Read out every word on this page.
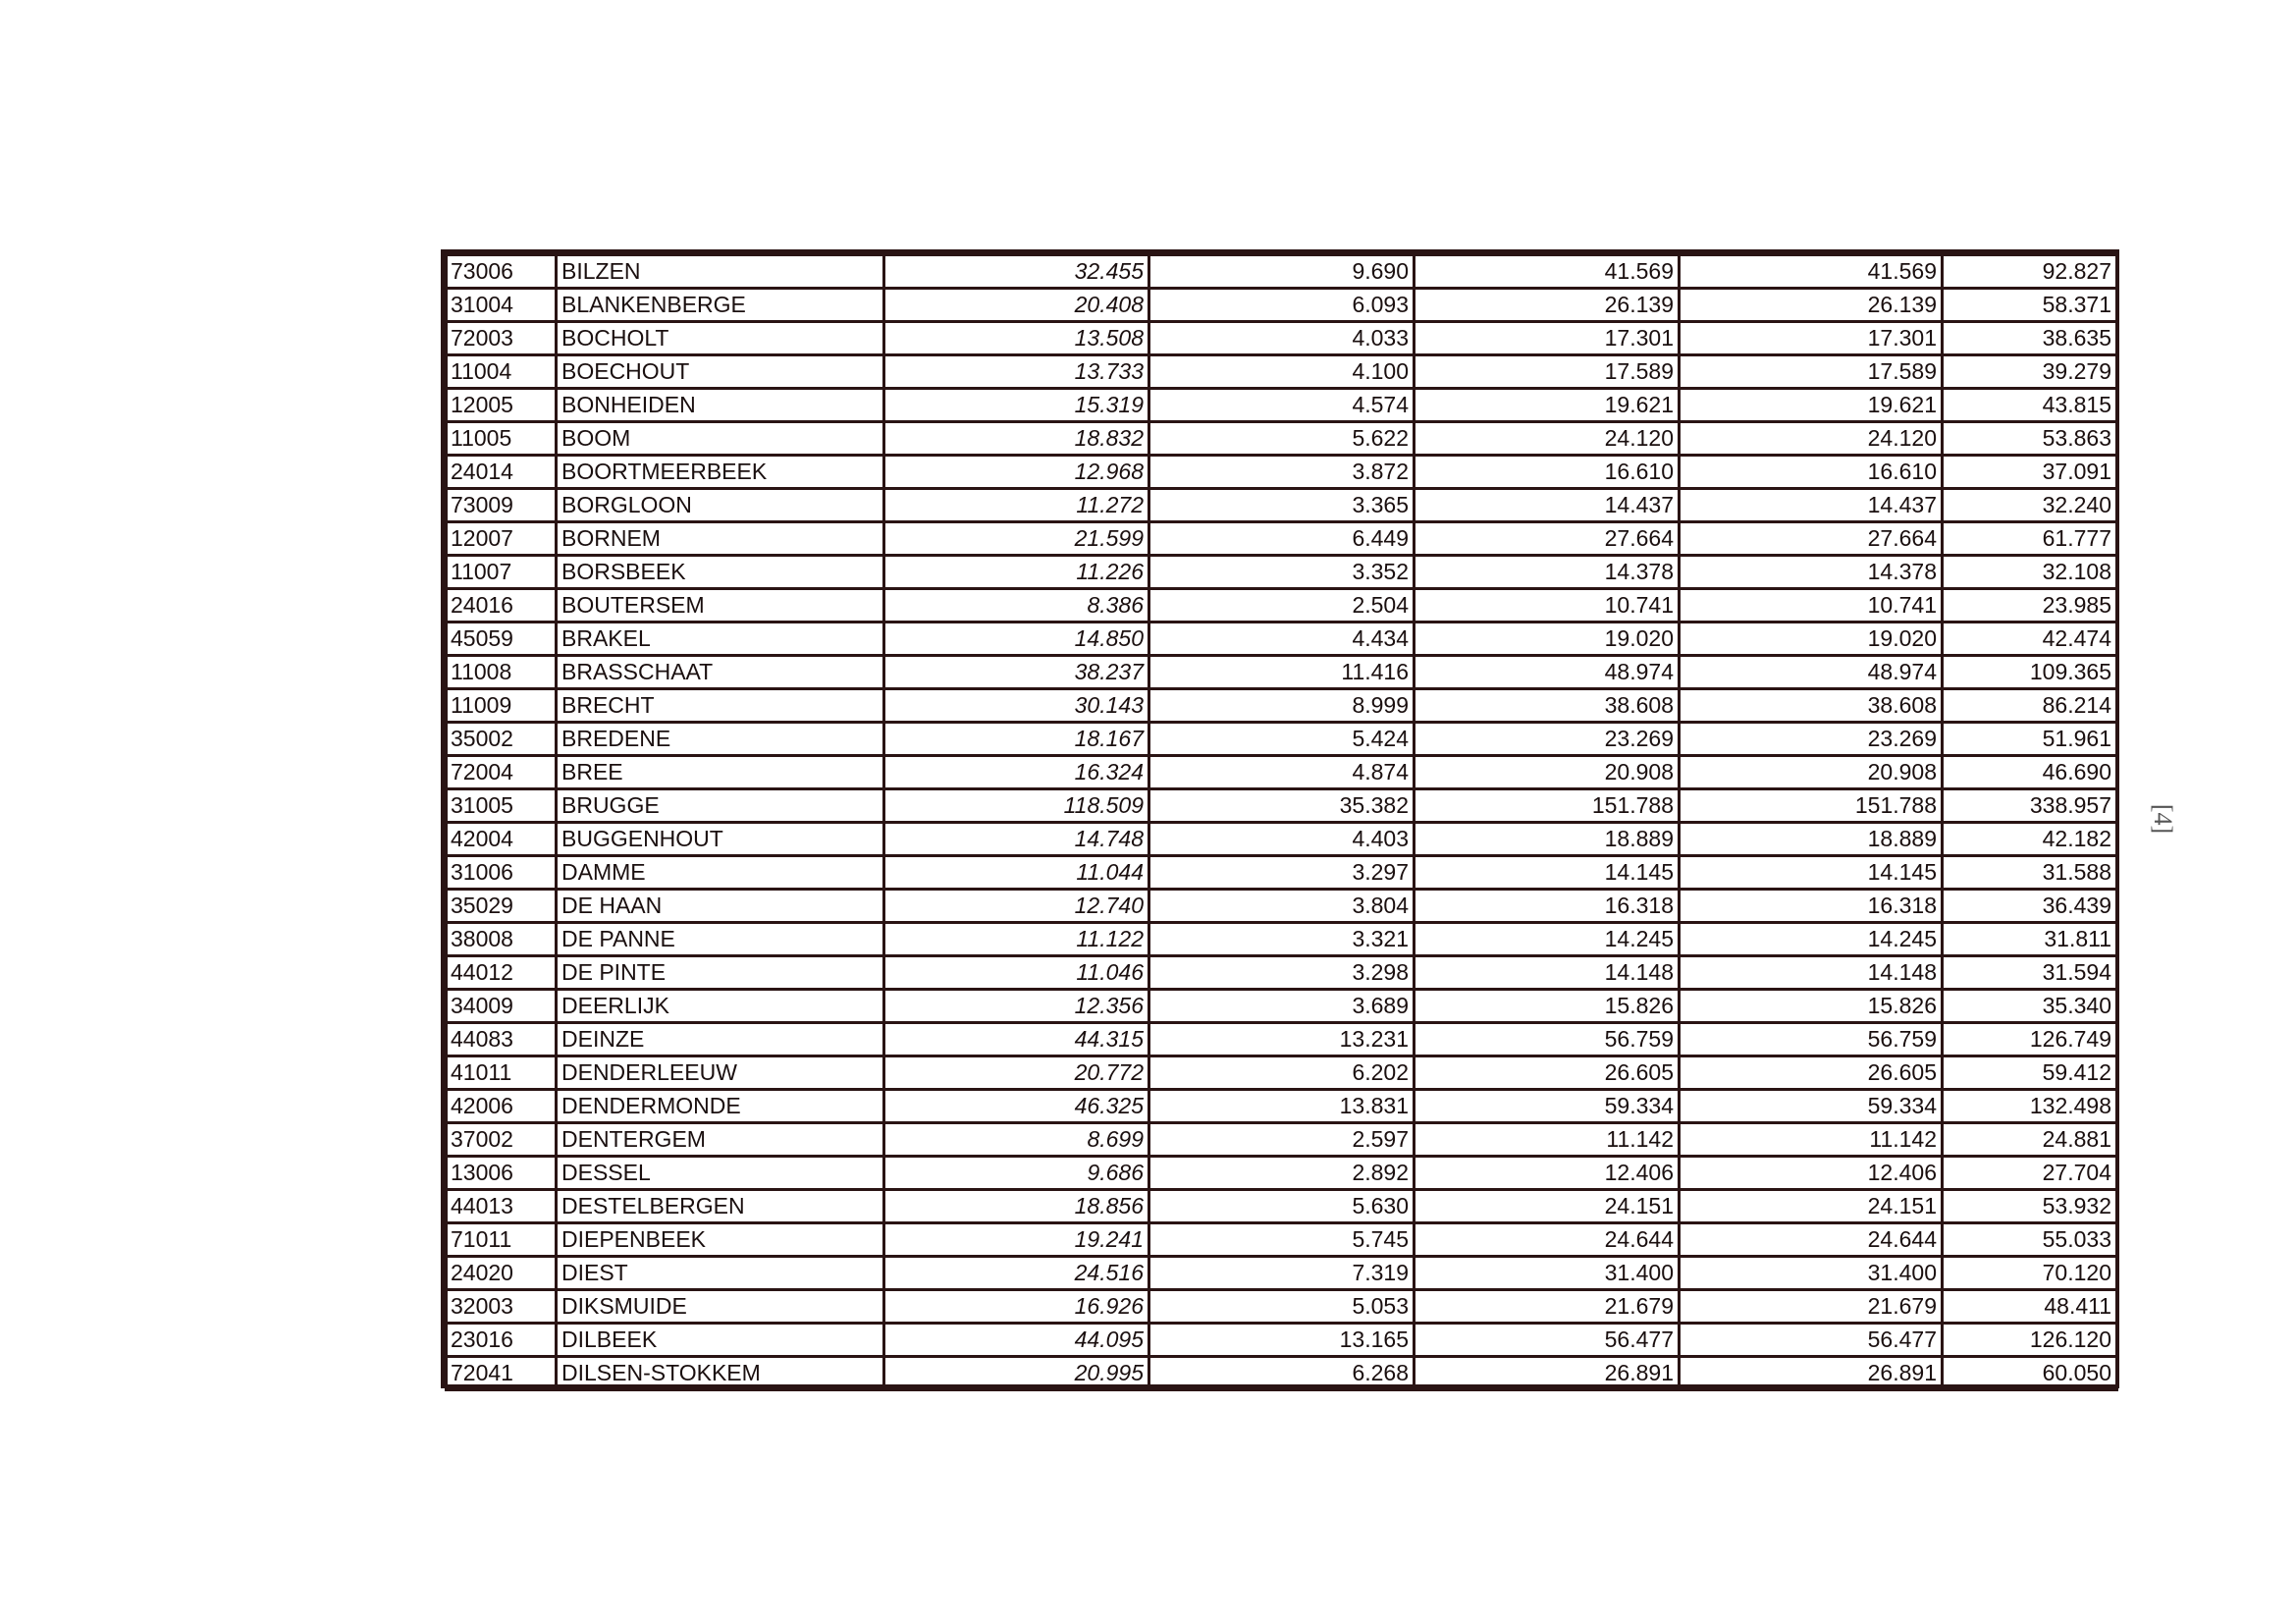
73006	BILZEN	32.455	9.690	41.569	41.569	92.827
31004	BLANKENBERGE	20.408	6.093	26.139	26.139	58.371
72003	BOCHOLT	13.508	4.033	17.301	17.301	38.635
11004	BOECHOUT	13.733	4.100	17.589	17.589	39.279
12005	BONHEIDEN	15.319	4.574	19.621	19.621	43.815
11005	BOOM	18.832	5.622	24.120	24.120	53.863
24014	BOORTMEERBEEK	12.968	3.872	16.610	16.610	37.091
73009	BORGLOON	11.272	3.365	14.437	14.437	32.240
12007	BORNEM	21.599	6.449	27.664	27.664	61.777
11007	BORSBEEK	11.226	3.352	14.378	14.378	32.108
24016	BOUTERSEM	8.386	2.504	10.741	10.741	23.985
45059	BRAKEL	14.850	4.434	19.020	19.020	42.474
11008	BRASSCHAAT	38.237	11.416	48.974	48.974	109.365
11009	BRECHT	30.143	8.999	38.608	38.608	86.214
35002	BREDENE	18.167	5.424	23.269	23.269	51.961
72004	BREE	16.324	4.874	20.908	20.908	46.690
31005	BRUGGE	118.509	35.382	151.788	151.788	338.957
42004	BUGGENHOUT	14.748	4.403	18.889	18.889	42.182
31006	DAMME	11.044	3.297	14.145	14.145	31.588
35029	DE HAAN	12.740	3.804	16.318	16.318	36.439
38008	DE PANNE	11.122	3.321	14.245	14.245	31.811
44012	DE PINTE	11.046	3.298	14.148	14.148	31.594
34009	DEERLIJK	12.356	3.689	15.826	15.826	35.340
44083	DEINZE	44.315	13.231	56.759	56.759	126.749
41011	DENDERLEEUW	20.772	6.202	26.605	26.605	59.412
42006	DENDERMONDE	46.325	13.831	59.334	59.334	132.498
37002	DENTERGEM	8.699	2.597	11.142	11.142	24.881
13006	DESSEL	9.686	2.892	12.406	12.406	27.704
44013	DESTELBERGEN	18.856	5.630	24.151	24.151	53.932
71011	DIEPENBEEK	19.241	5.745	24.644	24.644	55.033
24020	DIEST	24.516	7.319	31.400	31.400	70.120
32003	DIKSMUIDE	16.926	5.053	21.679	21.679	48.411
23016	DILBEEK	44.095	13.165	56.477	56.477	126.120
72041	DILSEN-STOKKEM	20.995	6.268	26.891	26.891	60.050
[4]
